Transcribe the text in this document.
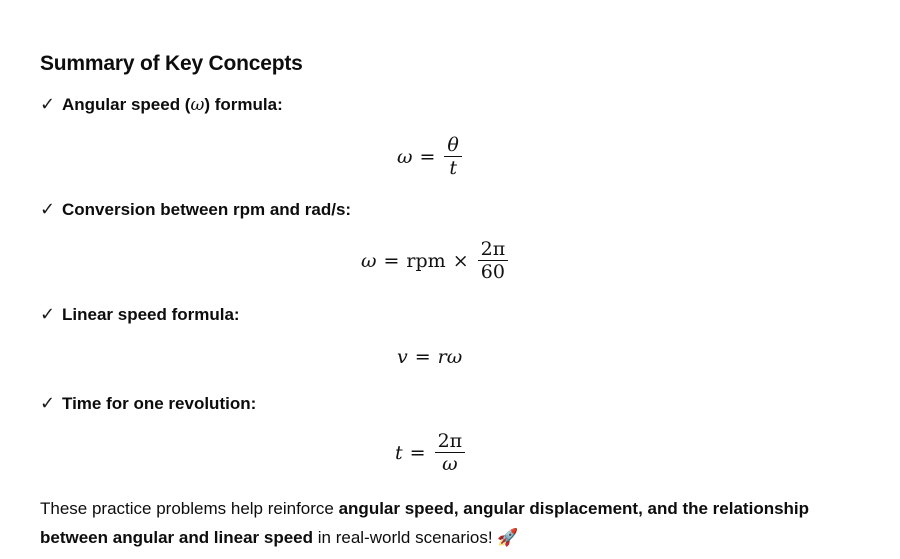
Summary of Key Concepts
✓ Angular speed (ω) formula:
$\omega = \frac{\theta}{t}$
✓ Conversion between rpm and rad/s:
ω = rpm × $\frac{2\pi}{60}$
✓ Linear speed formula:
v = rω
✓ Time for one revolution:
$t = \frac{2\pi}{\omega}$
These practice problems help reinforce angular speed, angular displacement, and the relationship between angular and linear speed in real-world scenarios! 🚀
